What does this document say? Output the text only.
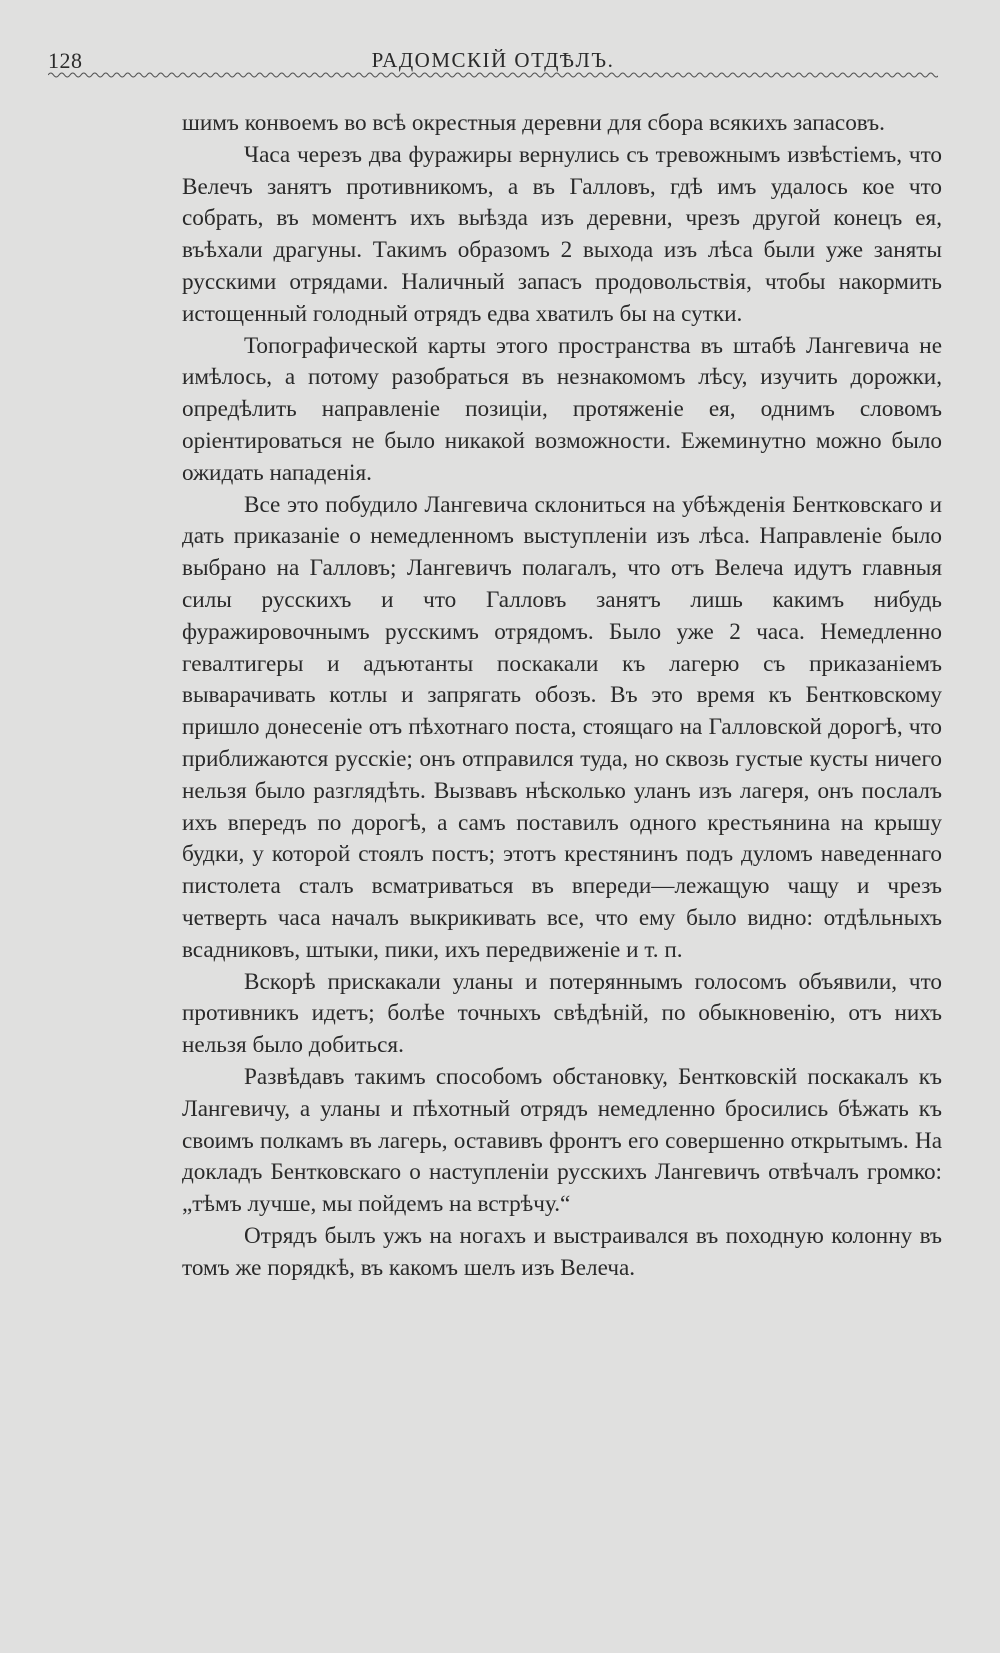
128	РАДОМСКІЙ ОТДѢЛЪ.

шимъ конвоемъ во всѣ окрестныя деревни для сбора всякихъ запасовъ.

Часа черезъ два фуражиры вернулись съ тревожнымъ извѣстіемъ, что Велечъ занятъ противникомъ, а въ Галловъ, гдѣ имъ удалось кое что собрать, въ моментъ ихъ выѣзда изъ деревни, чрезъ другой конецъ ея, въѣхали драгуны. Такимъ образомъ 2 выхода изъ лѣса были уже заняты русскими отрядами. Наличный запасъ продовольствія, чтобы накормить истощенный голодный отрядъ едва хватилъ бы на сутки.

Топографической карты этого пространства въ штабѣ Лангевича не имѣлось, а потому разобраться въ незнакомомъ лѣсу, изучить дорожки, опредѣлить направленіе позиціи, протяженіе ея, однимъ словомъ оріентироваться не было никакой возможности. Ежеминутно можно было ожидать нападенія.

Все это побудило Лангевича склониться на убѣжденія Бентковскаго и дать приказаніе о немедленномъ выступленіи изъ лѣса. Направленіе было выбрано на Галловъ; Лангевичъ полагалъ, что отъ Велеча идутъ главныя силы русскихъ и что Галловъ занятъ лишь какимъ нибудь фуражировочнымъ русскимъ отрядомъ. Было уже 2 часа. Немедленно гевалтигеры и адъютанты поскакали къ лагерю съ приказаніемъ выварачивать котлы и запрягать обозъ. Въ это время къ Бентковскому пришло донесеніе отъ пѣхотнаго поста, стоящаго на Галловской дорогѣ, что приближаются русскіе; онъ отправился туда, но сквозь густые кусты ничего нельзя было разглядѣть. Вызвавъ нѣсколько уланъ изъ лагеря, онъ послалъ ихъ впередъ по дорогѣ, а самъ поставилъ одного крестьянина на крышу будки, у которой стоялъ постъ; этотъ крестянинъ подъ дуломъ наведеннаго пистолета сталъ всматриваться въ впереди—лежащую чащу и чрезъ четверть часа началъ выкрикивать все, что ему было видно: отдѣльныхъ всадниковъ, штыки, пики, ихъ передвиженіе и т. п.

Вскорѣ прискакали уланы и потеряннымъ голосомъ объявили, что противникъ идетъ; болѣе точныхъ свѣдѣній, по обыкновенію, отъ нихъ нельзя было добиться.

Развѣдавъ такимъ способомъ обстановку, Бентковскій поскакалъ къ Лангевичу, а уланы и пѣхотный отрядъ немедленно бросились бѣжать къ своимъ полкамъ въ лагерь, оставивъ фронтъ его совершенно открытымъ. На докладъ Бентковскаго о наступленіи русскихъ Лангевичъ отвѣчалъ громко: „тѣмъ лучше, мы пойдемъ на встрѣчу.“

Отрядъ былъ ужъ на ногахъ и выстраивался въ походную колонну въ томъ же порядкѣ, въ какомъ шелъ изъ Велеча.
